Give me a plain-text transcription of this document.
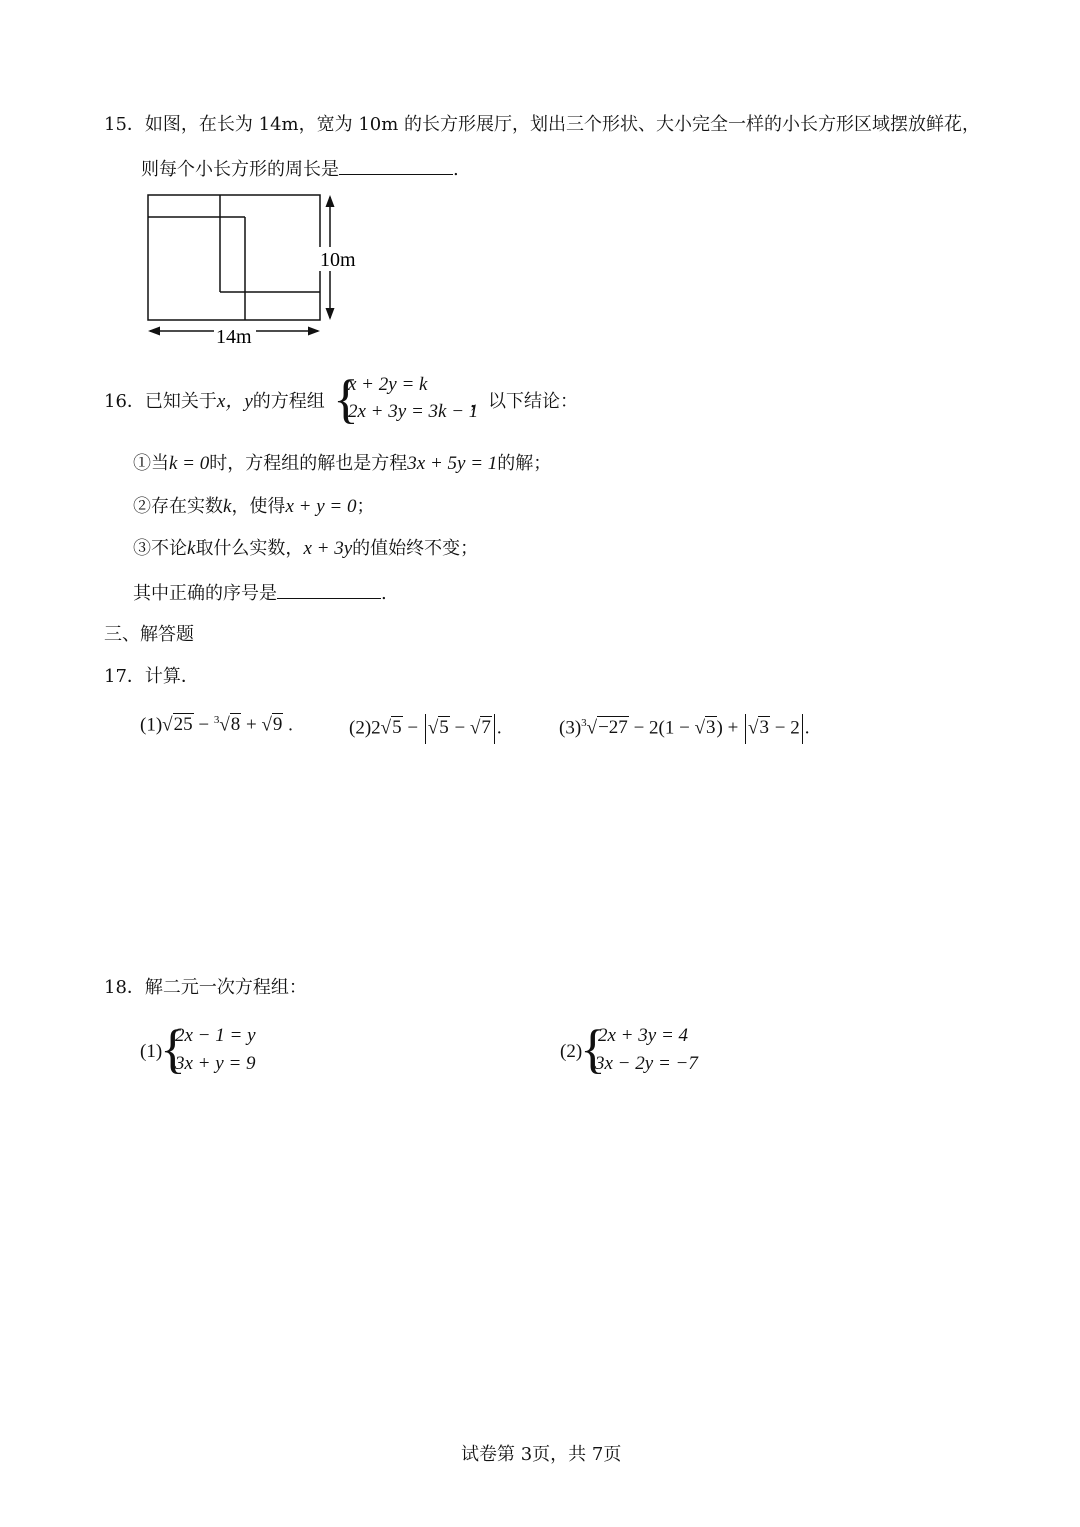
15．如图，在长为 14m，宽为 10m 的长方形展厅，划出三个形状、大小完全一样的小长方形区域摆放鲜花，
则每个小长方形的周长是	.
10m
14m
16．已知关于x，y的方程组 {
x + 2y = k
2x + 3y = 3k − 1
，以下结论：
①当k = 0时，方程组的解也是方程3x + 5y = 1的解；
②存在实数k，使得x + y = 0；
③不论k取什么实数，x + 3y的值始终不变；
其中正确的序号是	.
三、解答题
17．计算．
(1)√25 − $^3$√8 + √9 .	(2)2√5 − √5 − √7 .	$(3)^3√-27 - 2(1 - √3) + √3 - 2$ .
18．解二元一次方程组：
(1)
{
2x − 1 = y
3x + y = 9
(2)
{
2x + 3y = 4
3x − 2y = −7
试卷第 3页，共 7页
